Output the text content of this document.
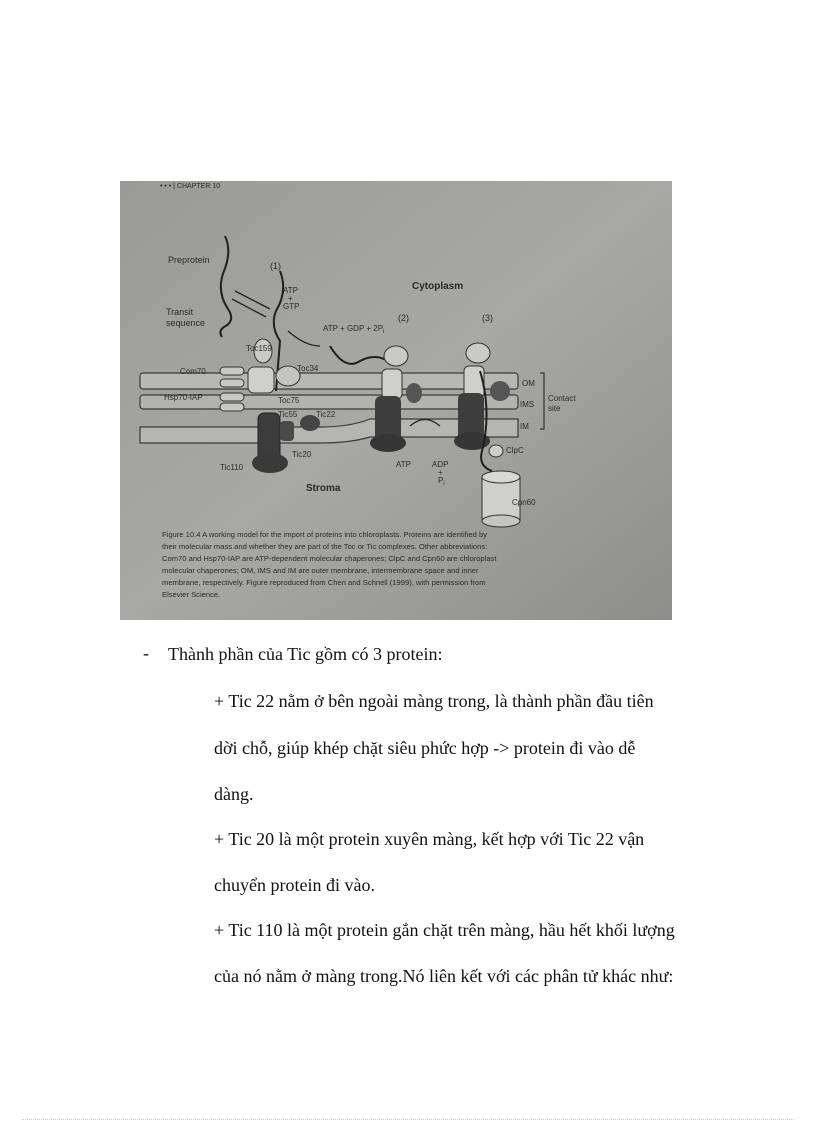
• • • | CHAPTER 10
Preprotein
(1)
ATP + GTP
Cytoplasm
Transit sequence	(2)	(3)
ATP + GDP + $2P_i$
Toc159
Com70	Toc34
Hsp70-IAP	Toc75
Tic55 Tic22
OM
IMS
IM
Contact site
Tic20
Tic110	ATP	ADP + $P_i$
ClpC
Stroma
Cpn60
Figure 10.4 A working model for the import of proteins into chloroplasts. Proteins are identified by
their molecular mass and whether they are part of the Toc or Tic complexes. Other abbreviations:
Com70 and Hsp70-IAP are ATP-dependent molecular chaperones; ClpC and Cpn60 are chloroplast
molecular chaperones; OM, IMS and IM are outer membrane, intermembrane space and inner
membrane, respectively. Figure reproduced from Chen and Schnell (1999), with permission from
Elsevier Science.
- Thành phần của Tic gồm có 3 protein:
+ Tic 22 nằm ở bên ngoài màng trong, là thành phần đầu tiên
dời chỗ, giúp khép chặt siêu phức hợp -> protein đi vào dễ
dàng.
+ Tic 20 là một protein xuyên màng, kết hợp với Tic 22 vận
chuyển protein đi vào.
+ Tic 110 là một protein gắn chặt trên màng, hầu hết khối lượng
của nó nằm ở màng trong.Nó liên kết với các phân tử khác như:
